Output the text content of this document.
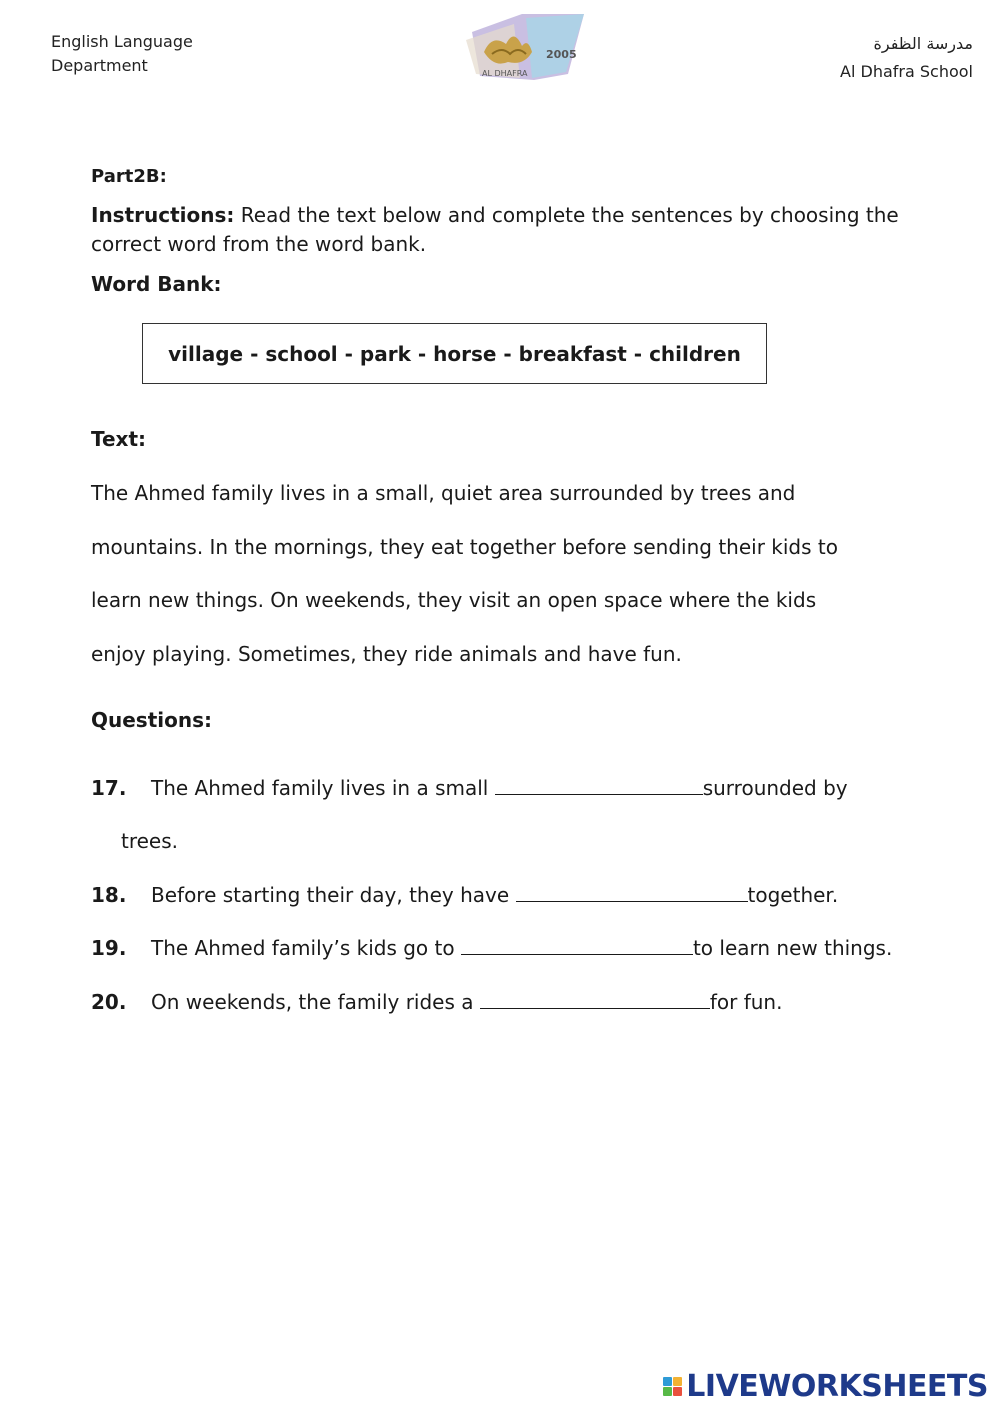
English Language
Department
2005
AL DHAFRA
مدرسة الظفرة
Al Dhafra School
Part2B:
Instructions: Read the text below and complete the sentences by choosing the correct word from the word bank.
Word Bank:
village - school - park - horse - breakfast - children
Text:
The Ahmed family lives in a small, quiet area surrounded by trees and
mountains. In the mornings, they eat together before sending their kids to
learn new things. On weekends, they visit an open space where the kids
enjoy playing. Sometimes, they ride animals and have fun.
Questions:
17. The Ahmed family lives in a small	surrounded by
trees.
18. Before starting their day, they have	together.
19. The Ahmed family’s kids go to	to learn new things.
20. On weekends, the family rides a	for fun.
LIVEWORKSHEETS
